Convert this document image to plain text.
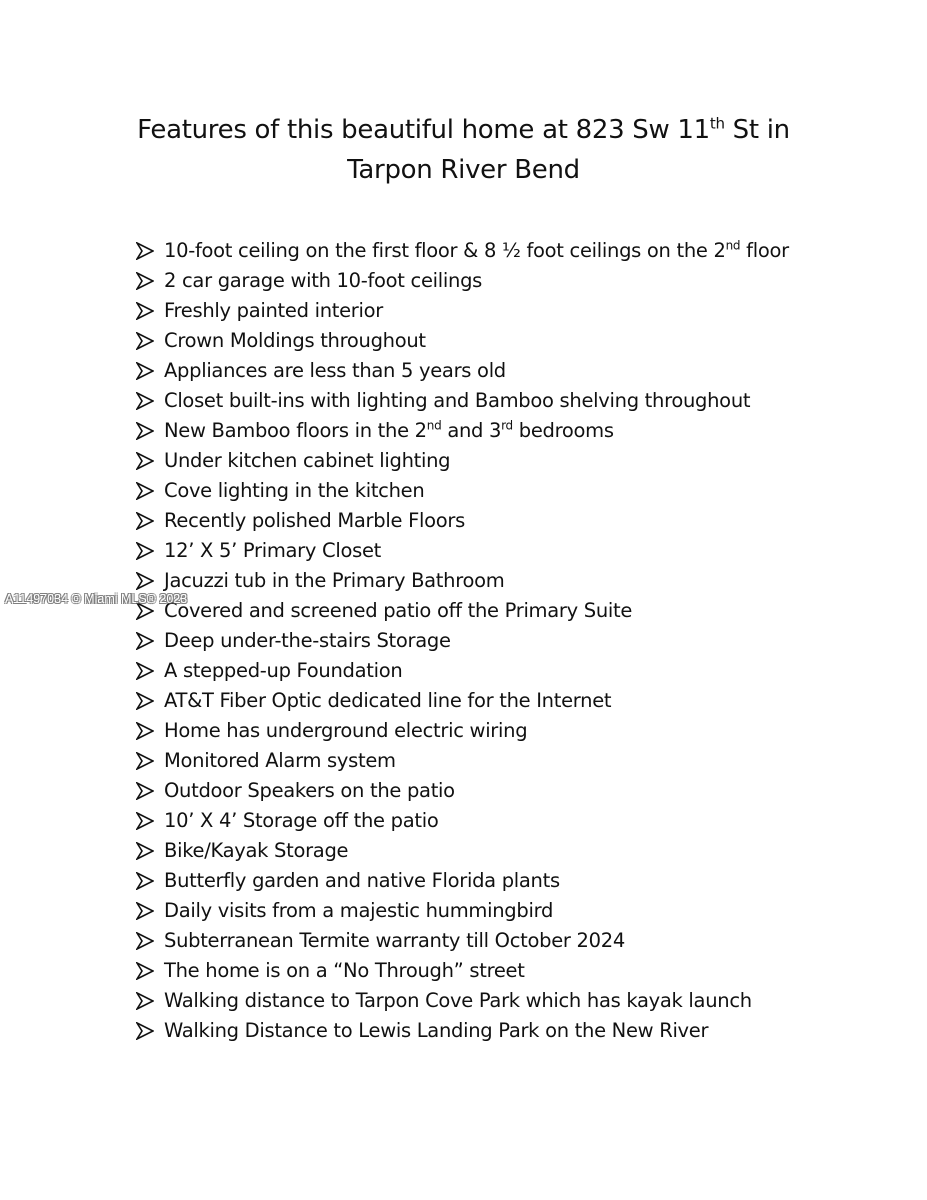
Features of this beautiful home at 823 Sw 11th St in
Tarpon River Bend
10-foot ceiling on the first floor & 8 ½ foot ceilings on the 2nd floor
2 car garage with 10-foot ceilings
Freshly painted interior
Crown Moldings throughout
Appliances are less than 5 years old
Closet built-ins with lighting and Bamboo shelving throughout
New Bamboo floors in the 2nd and 3rd bedrooms
Under kitchen cabinet lighting
Cove lighting in the kitchen
Recently polished Marble Floors
12’ X 5’ Primary Closet
Jacuzzi tub in the Primary Bathroom
Covered and screened patio off the Primary Suite
Deep under-the-stairs Storage
A stepped-up Foundation
AT&T Fiber Optic dedicated line for the Internet
Home has underground electric wiring
Monitored Alarm system
Outdoor Speakers on the patio
10’ X 4’ Storage off the patio
Bike/Kayak Storage
Butterfly garden and native Florida plants
Daily visits from a majestic hummingbird
Subterranean Termite warranty till October 2024
The home is on a “No Through” street
Walking distance to Tarpon Cove Park which has kayak launch
Walking Distance to Lewis Landing Park on the New River
A11497034 © Miami MLS® 2023
